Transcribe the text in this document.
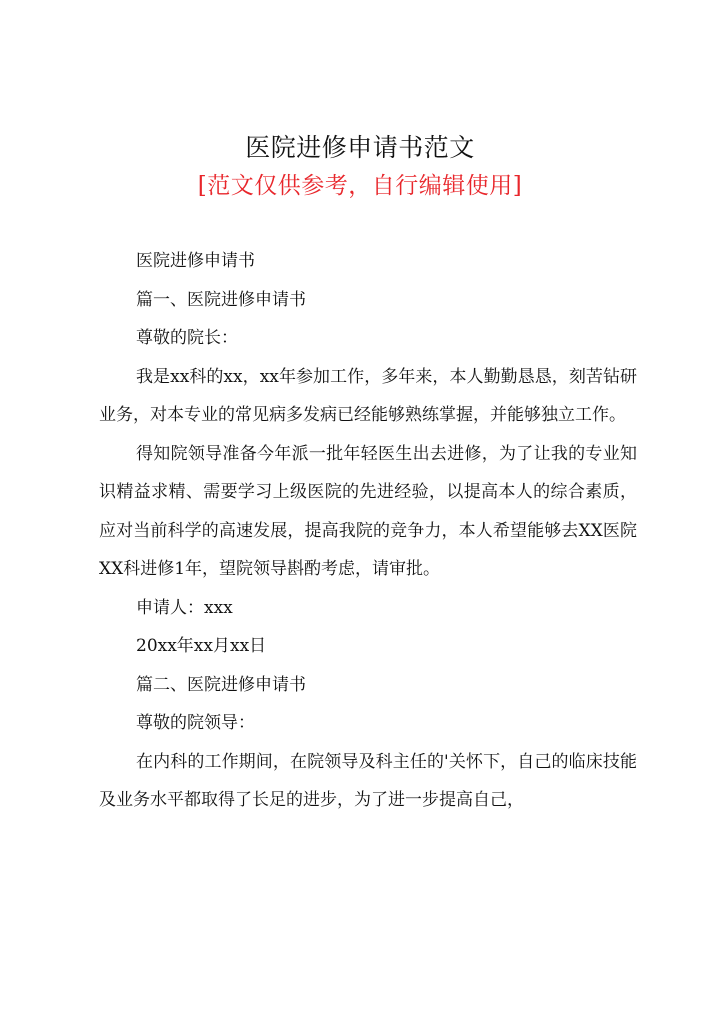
医院进修申请书范文
[范文仅供参考，自行编辑使用]

医院进修申请书

篇一、医院进修申请书

尊敬的院长：

我是xx科的xx，xx年参加工作，多年来，本人勤勤恳恳，刻苦钻研业务，对本专业的常见病多发病已经能够熟练掌握，并能够独立工作。

得知院领导准备今年派一批年轻医生出去进修，为了让我的专业知识精益求精、需要学习上级医院的先进经验，以提高本人的综合素质，应对当前科学的高速发展，提高我院的竞争力，本人希望能够去XX医院XX科进修1年，望院领导斟酌考虑，请审批。

申请人：xxx

20xx年xx月xx日

篇二、医院进修申请书

尊敬的院领导：

在内科的工作期间，在院领导及科主任的'关怀下，自己的临床技能及业务水平都取得了长足的进步，为了进一步提高自己，
